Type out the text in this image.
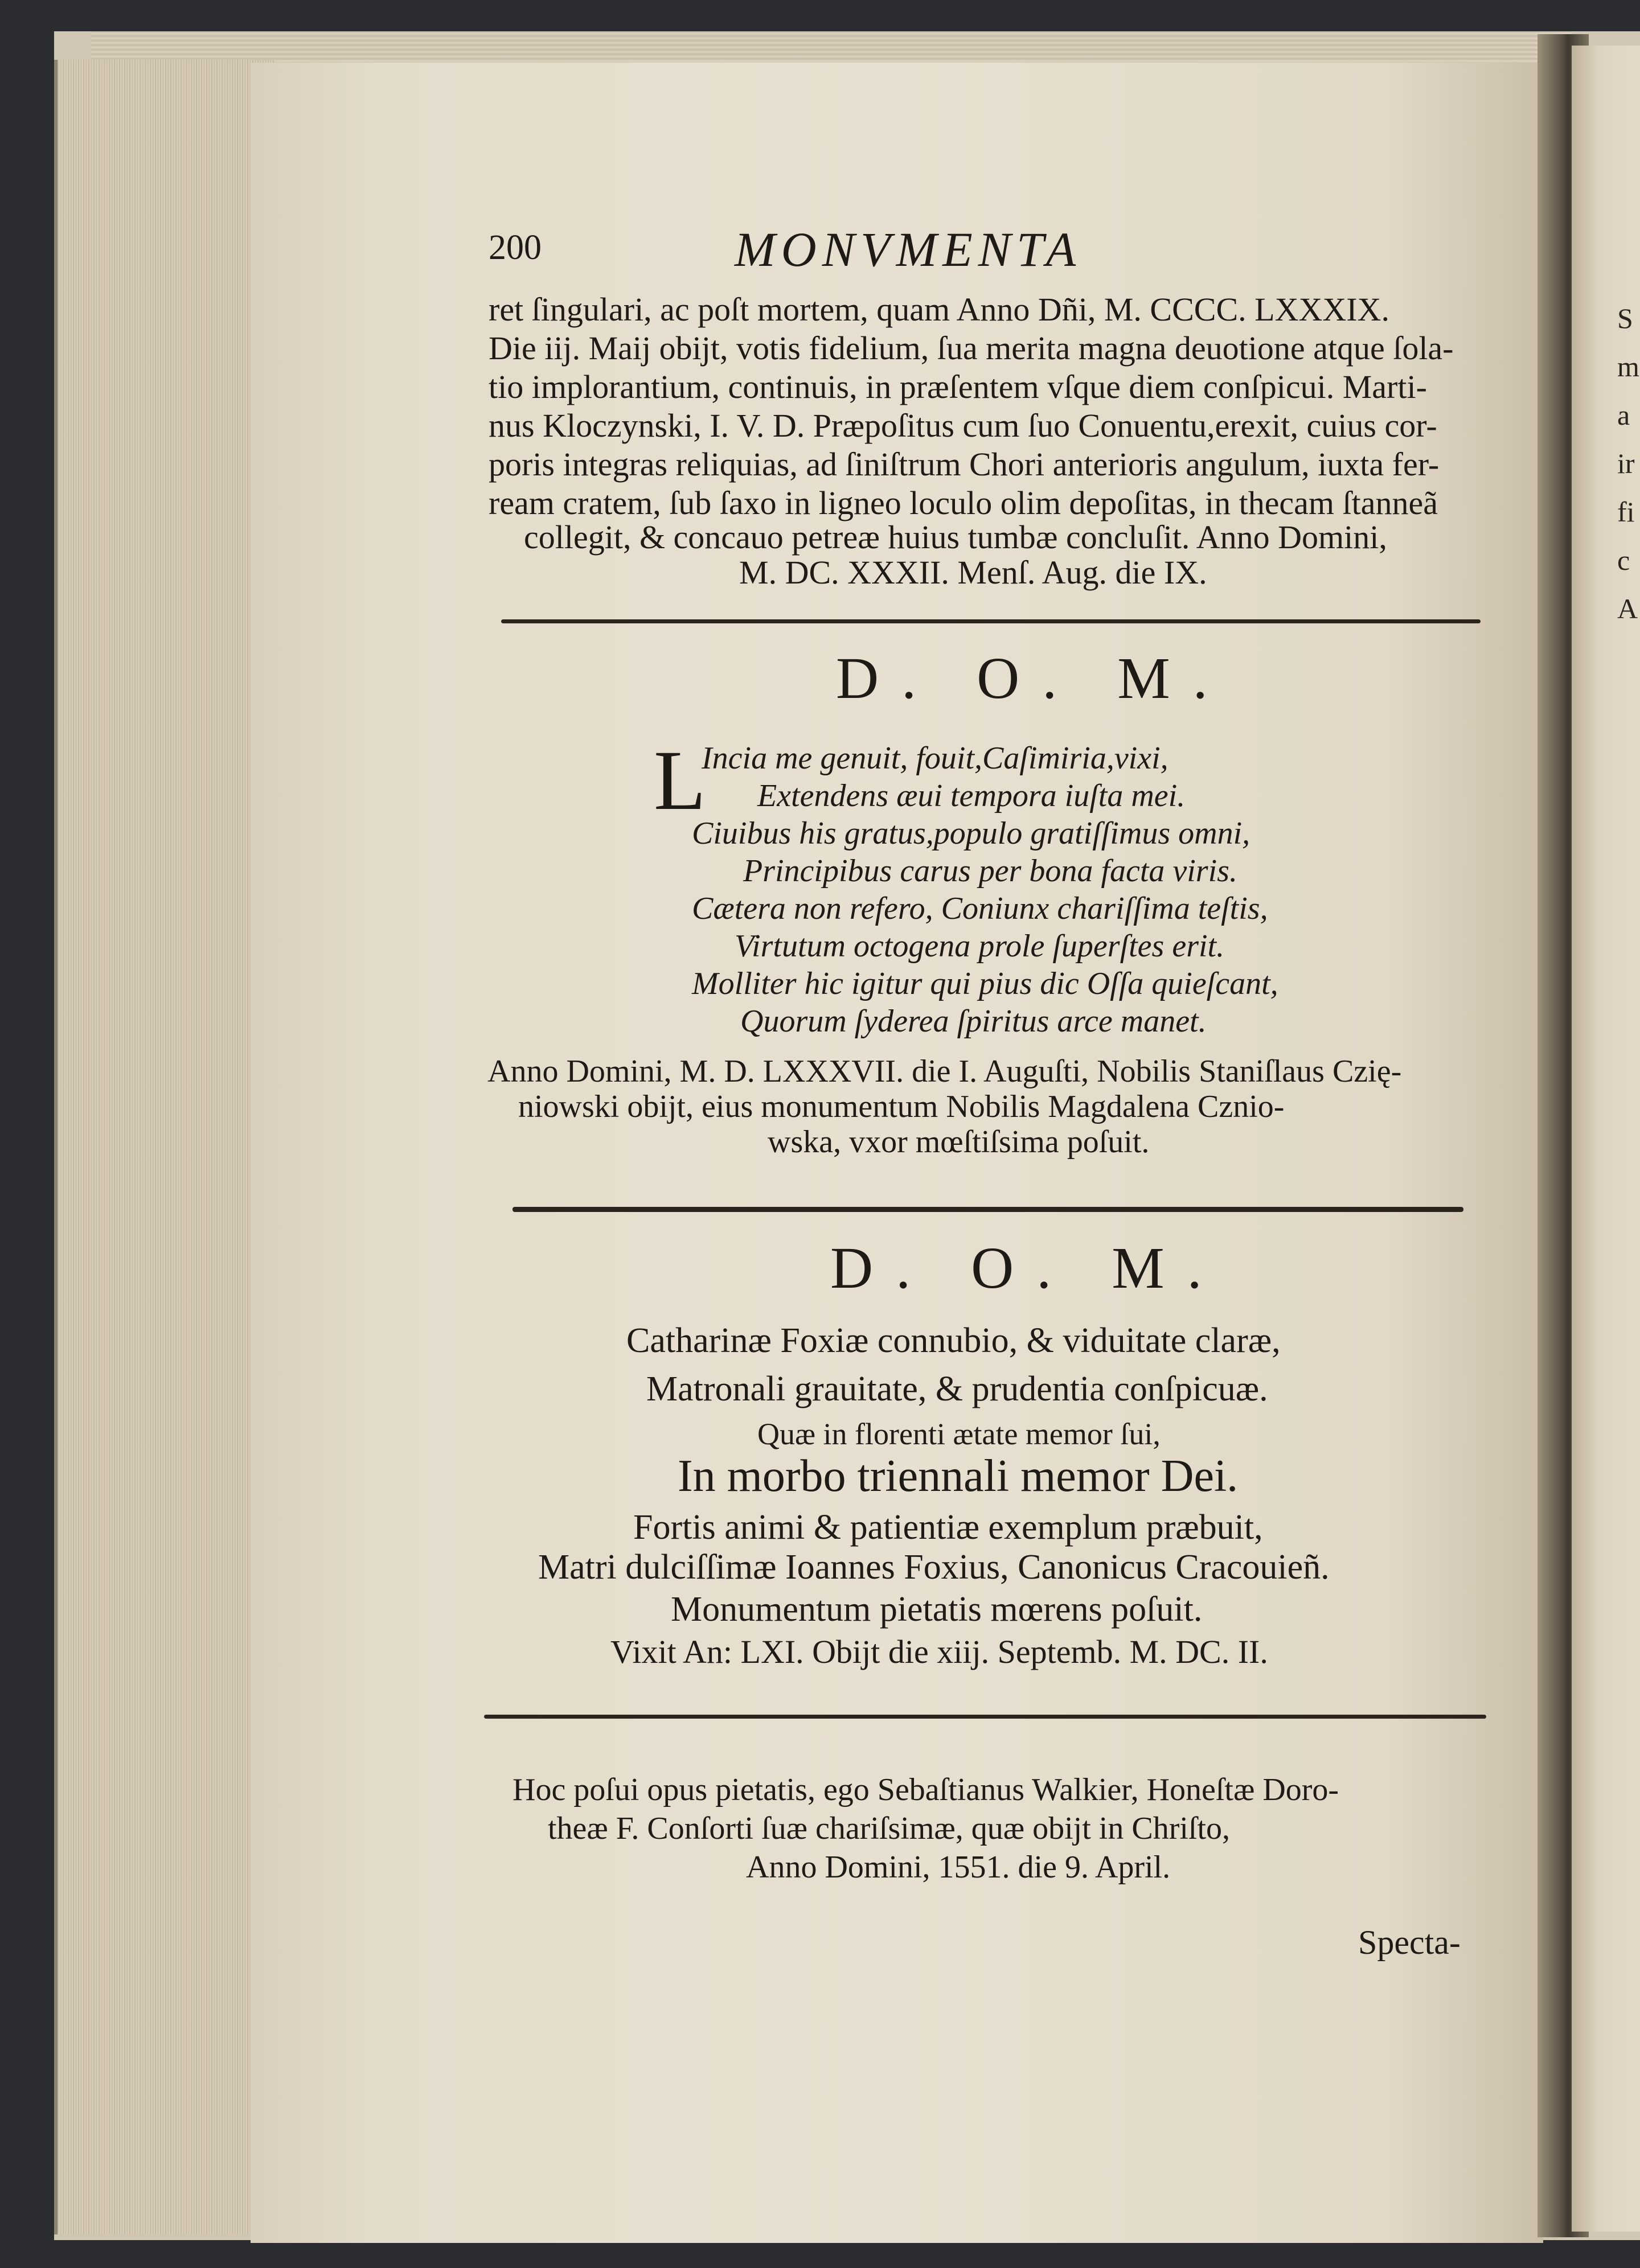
S
m
a
ir
fi
c
A
200	MONVMENTA
ret ſingulari, ac poſt mortem, quam Anno Dñi, M. CCCC. LXXXIX.
Die iij. Maij obijt, votis fidelium, ſua merita magna deuotione atque ſola-
tio implorantium, continuis, in præſentem vſque diem conſpicui. Marti-
nus Kloczynski, I. V. D. Præpoſitus cum ſuo Conuentu,erexit, cuius cor-
poris integras reliquias, ad ſiniſtrum Chori anterioris angulum, iuxta fer-
ream cratem, ſub ſaxo in ligneo loculo olim depoſitas, in thecam ſtanneã
collegit, & concauo petreæ huius tumbæ concluſit. Anno Domini,
M. DC. XXXII. Menſ. Aug. die IX.
D. O. M.
L
Incia me genuit, fouit,Caſimiria,vixi,
Extendens æui tempora iuſta mei.
Ciuibus his gratus,populo gratiſſimus omni,
Principibus carus per bona facta viris.
Cætera non refero, Coniunx chariſſima teſtis,
Virtutum octogena prole ſuperſtes erit.
Molliter hic igitur qui pius dic Oſſa quieſcant,
Quorum ſyderea ſpiritus arce manet.
Anno Domini, M. D. LXXXVII. die I. Auguſti, Nobilis Staniſlaus Czię-
niowski obijt, eius monumentum Nobilis Magdalena Cznio-
wska, vxor mœſtiſsima poſuit.
D. O. M.
Catharinæ Foxiæ connubio, & viduitate claræ,
Matronali grauitate, & prudentia conſpicuæ.
Quæ in florenti ætate memor ſui,
In morbo triennali memor Dei.
Fortis animi & patientiæ exemplum præbuit,
Matri dulciſſimæ Ioannes Foxius, Canonicus Cracouieñ.
Monumentum pietatis mœrens poſuit.
Vixit An: LXI. Obijt die xiij. Septemb. M. DC. II.
Hoc poſui opus pietatis, ego Sebaſtianus Walkier, Honeſtæ Doro-
theæ F. Conſorti ſuæ chariſsimæ, quæ obijt in Chriſto,
Anno Domini, 1551. die 9. April.
Specta-
